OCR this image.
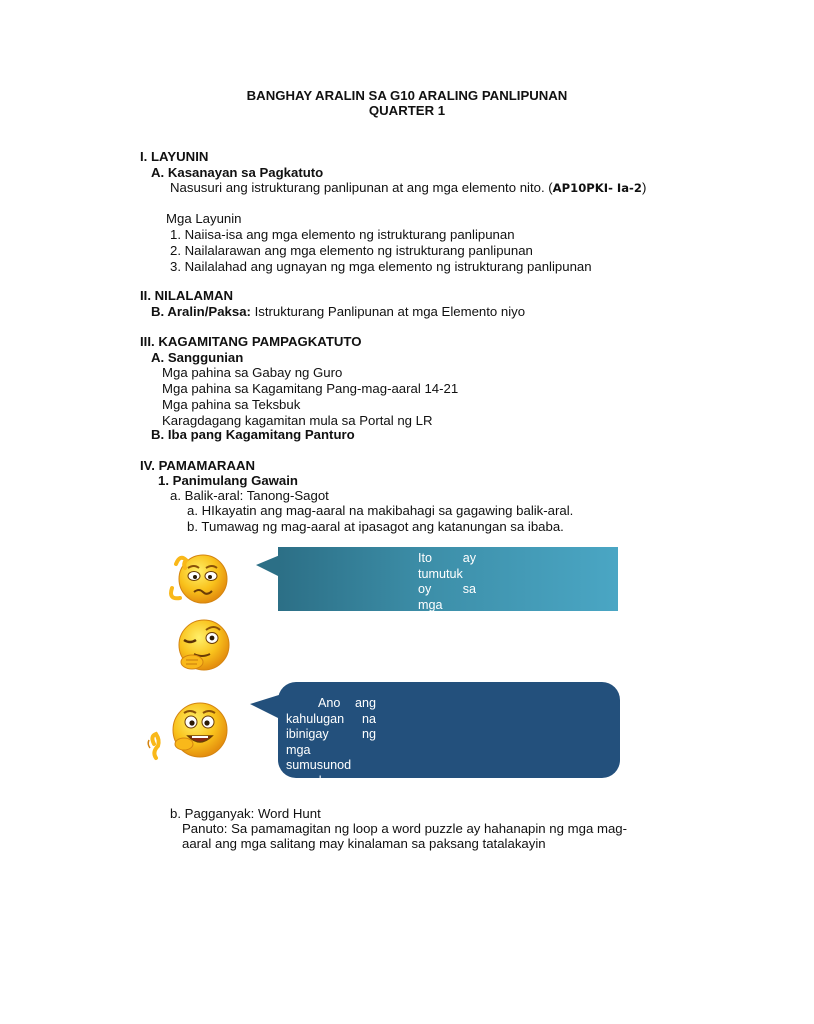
BANGHAY ARALIN SA G10 ARALING PANLIPUNAN
QUARTER 1
I. LAYUNIN
A. Kasanayan sa Pagkatuto
Nasusuri ang istrukturang panlipunan at ang mga elemento nito. (AP10PKI- Ia-2)
Mga Layunin
1. Naiisa-isa ang mga elemento ng istrukturang panlipunan
2. Nailalarawan ang mga elemento ng istrukturang panlipunan
3. Nailalahad ang ugnayan ng mga elemento ng istrukturang panlipunan
II. NILALAMAN
B. Aralin/Paksa: Istrukturang Panlipunan at mga Elemento niyo
III. KAGAMITANG PAMPAGKATUTO
A. Sanggunian
Mga pahina sa Gabay ng Guro
Mga pahina sa Kagamitang Pang-mag-aaral 14-21
Mga pahina sa Teksbuk
Karagdagang kagamitan mula sa Portal ng LR
B. Iba pang Kagamitang Panturo
IV. PAMAMARAAN
1. Panimulang Gawain
a. Balik-aral: Tanong-Sagot
a. HIkayatin ang mag-aaral na makibahagi sa gagawing balik-aral.
b. Tumawag ng mag-aaral at ipasagot ang katanungan sa ibaba.
Ito ay
tumutuk
oy sa
mga
Ano ang
kahulugan na
ibinigay ng
mga
sumusunod
na salaysay
b. Pagganyak: Word Hunt
Panuto: Sa pamamagitan ng loop a word puzzle ay hahanapin ng mga mag-
aaral ang mga salitang may kinalaman sa paksang tatalakayin
